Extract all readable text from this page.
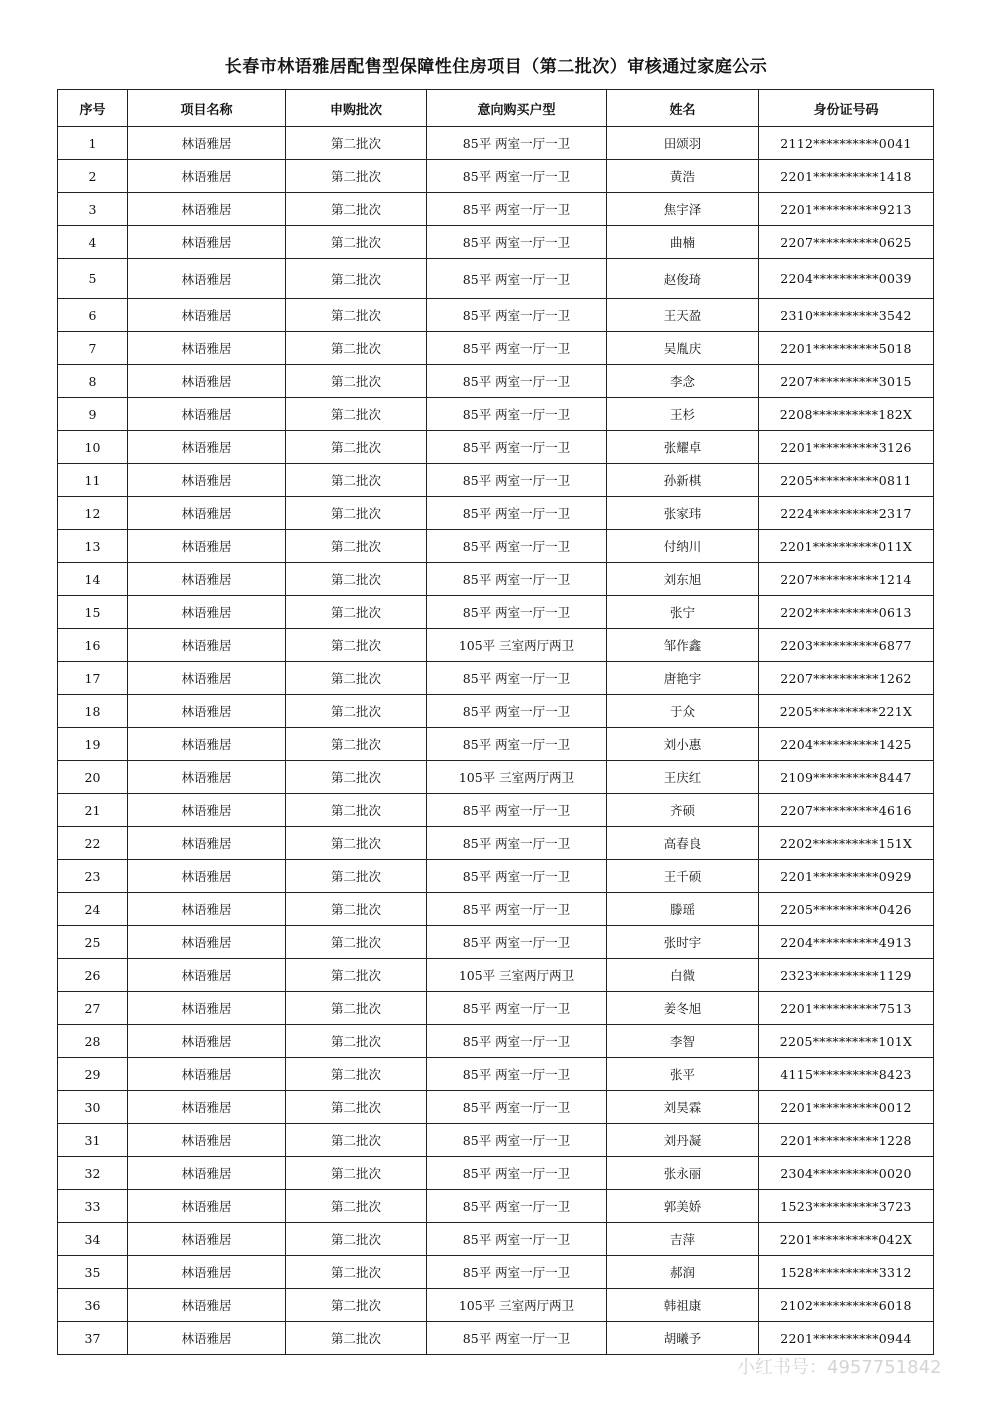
长春市林语雅居配售型保障性住房项目（第二批次）审核通过家庭公示
序号	项目名称	申购批次	意向购买户型	姓名	身份证号码
1	林语雅居	第二批次	85平 两室一厅一卫	田颂羽	2112**********0041
2	林语雅居	第二批次	85平 两室一厅一卫	黄浩	2201**********1418
3	林语雅居	第二批次	85平 两室一厅一卫	焦宇泽	2201**********9213
4	林语雅居	第二批次	85平 两室一厅一卫	曲楠	2207**********0625
5	林语雅居	第二批次	85平 两室一厅一卫	赵俊琦	2204**********0039
6	林语雅居	第二批次	85平 两室一厅一卫	王天盈	2310**********3542
7	林语雅居	第二批次	85平 两室一厅一卫	吴胤庆	2201**********5018
8	林语雅居	第二批次	85平 两室一厅一卫	李念	2207**********3015
9	林语雅居	第二批次	85平 两室一厅一卫	王杉	2208**********182X
10	林语雅居	第二批次	85平 两室一厅一卫	张耀卓	2201**********3126
11	林语雅居	第二批次	85平 两室一厅一卫	孙新棋	2205**********0811
12	林语雅居	第二批次	85平 两室一厅一卫	张家玮	2224**********2317
13	林语雅居	第二批次	85平 两室一厅一卫	付纳川	2201**********011X
14	林语雅居	第二批次	85平 两室一厅一卫	刘东旭	2207**********1214
15	林语雅居	第二批次	85平 两室一厅一卫	张宁	2202**********0613
16	林语雅居	第二批次	105平 三室两厅两卫	邹作鑫	2203**********6877
17	林语雅居	第二批次	85平 两室一厅一卫	唐艳宇	2207**********1262
18	林语雅居	第二批次	85平 两室一厅一卫	于众	2205**********221X
19	林语雅居	第二批次	85平 两室一厅一卫	刘小惠	2204**********1425
20	林语雅居	第二批次	105平 三室两厅两卫	王庆红	2109**********8447
21	林语雅居	第二批次	85平 两室一厅一卫	齐硕	2207**********4616
22	林语雅居	第二批次	85平 两室一厅一卫	高春良	2202**********151X
23	林语雅居	第二批次	85平 两室一厅一卫	王千硕	2201**********0929
24	林语雅居	第二批次	85平 两室一厅一卫	滕瑶	2205**********0426
25	林语雅居	第二批次	85平 两室一厅一卫	张时宇	2204**********4913
26	林语雅居	第二批次	105平 三室两厅两卫	白微	2323**********1129
27	林语雅居	第二批次	85平 两室一厅一卫	姜冬旭	2201**********7513
28	林语雅居	第二批次	85平 两室一厅一卫	李智	2205**********101X
29	林语雅居	第二批次	85平 两室一厅一卫	张平	4115**********8423
30	林语雅居	第二批次	85平 两室一厅一卫	刘昊霖	2201**********0012
31	林语雅居	第二批次	85平 两室一厅一卫	刘丹凝	2201**********1228
32	林语雅居	第二批次	85平 两室一厅一卫	张永丽	2304**********0020
33	林语雅居	第二批次	85平 两室一厅一卫	郭美娇	1523**********3723
34	林语雅居	第二批次	85平 两室一厅一卫	吉萍	2201**********042X
35	林语雅居	第二批次	85平 两室一厅一卫	郝润	1528**********3312
36	林语雅居	第二批次	105平 三室两厅两卫	韩祖康	2102**********6018
37	林语雅居	第二批次	85平 两室一厅一卫	胡曦予	2201**********0944
小红书号：4957751842
